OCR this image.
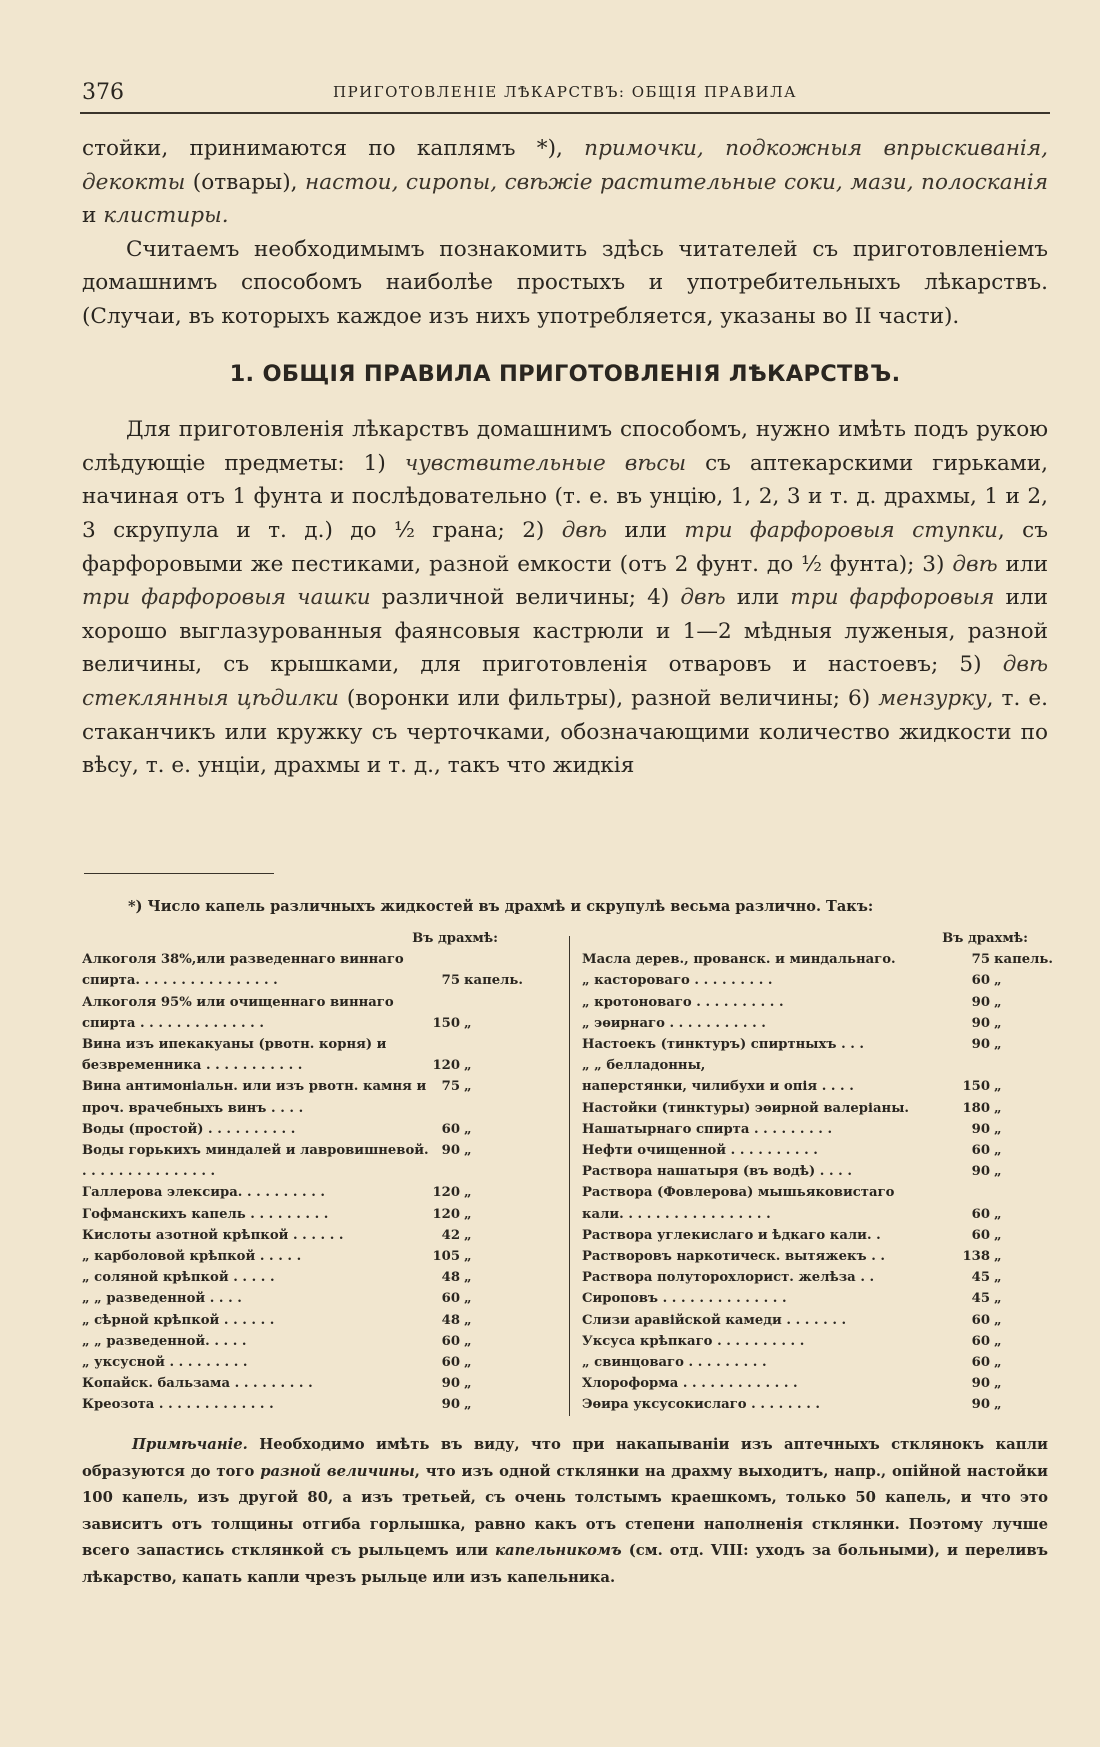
376	ПРИГОТОВЛЕНІЕ ЛѢКАРСТВЪ: ОБЩІЯ ПРАВИЛА

стойки, принимаются по каплямъ *), примочки, подкожныя впрыскиванія, декокты (отвары), настои, сиропы, свѣжіе растительные соки, мази, полосканія и клистиры.

Считаемъ необходимымъ познакомить здѣсь читателей съ приготовленіемъ домашнимъ способомъ наиболѣе простыхъ и употребительныхъ лѣкарствъ. (Случаи, въ которыхъ каждое изъ нихъ употребляется, указаны во II части).

1. ОБЩІЯ ПРАВИЛА ПРИГОТОВЛЕНІЯ ЛѢКАРСТВЪ.

Для приготовленія лѣкарствъ домашнимъ способомъ, нужно имѣть подъ рукою слѣдующіе предметы: 1) чувствительные вѣсы съ аптекарскими гирьками, начиная отъ 1 фунта и послѣдовательно (т. е. въ унцію, 1, 2, 3 и т. д. драхмы, 1 и 2, 3 скрупула и т. д.) до ½ грана; 2) двѣ или три фарфоровыя ступки, съ фарфоровыми же пестиками, разной емкости (отъ 2 фунт. до ½ фунта); 3) двѣ или три фарфоровыя чашки различной величины; 4) двѣ или три фарфоровыя или хорошо выглазурованныя фаянсовыя кастрюли и 1—2 мѣдныя луженыя, разной величины, съ крышками, для приготовленія отваровъ и настоевъ; 5) двѣ стеклянныя цѣдилки (воронки или фильтры), разной величины; 6) мензурку, т. е. стаканчикъ или кружку съ черточками, обозначающими количество жидкости по вѣсу, т. е. унціи, драхмы и т. д., такъ что жидкія

*) Число капель различныхъ жидкостей въ драхмѣ и скрупулѣ весьма различно. Такъ:
Въ драхмѣ:
Алкоголя 38%,или разведеннаго виннаго
спирта. . . . . . . . . . . . . . . .	75 капель.
Алкоголя 95% или очищеннаго виннаго
спирта . . . . . . . . . . . . . .	150 „
Вина изъ ипекакуаны (рвотн. корня) и
безвременника . . . . . . . . . . .	120 „
Вина антимоніальн. или изъ рвотн. камня и проч. врачебныхъ винъ . . . .
75 „
Воды (простой) . . . . . . . . . .	60 „
Воды горькихъ миндалей и лавровишневой. . . . . . . . . . . . . . . .
90 „
Галлерова элексира. . . . . . . . . .	120 „
Гофманскихъ капель . . . . . . . . .	120 „
Кислоты азотной крѣпкой . . . . . .	42 „
„ карболовой крѣпкой . . . . .	105 „
„ соляной крѣпкой . . . . .	48 „
„ „ разведенной . . . .	60 „
„ сѣрной крѣпкой . . . . . .	48 „
„ „ разведенной. . . . .	60 „
„ уксусной . . . . . . . . .	60 „
Копайск. бальзама . . . . . . . . .	90 „
Креозота . . . . . . . . . . . . .	90 „
Въ драхмѣ:
Масла дерев., прованск. и миндальнаго.	75 капель.
„ касторовaго . . . . . . . . .	60 „
„ кротоноваго . . . . . . . . . .	90 „
„ эѳирнаго . . . . . . . . . . .	90 „
Настоекъ (тинктуръ) спиртныхъ . . .	90 „
„ „ белладонны,
наперстянки, чилибухи и опія . . . .	150 „
Настойки (тинктуры) эѳирной валеріаны.	180 „
Нашатырнаго спирта . . . . . . . . .	90 „
Нефти очищенной . . . . . . . . . .	60 „
Раствора нашатыря (въ водѣ) . . . .	90 „
Раствора (Фовлерова) мышьяковистаго
кали. . . . . . . . . . . . . . . . .	60 „
Раствора углекислаго и ѣдкаго кали. .	60 „
Растворовъ наркотическ. вытяжекъ . .	138 „
Раствора полуторохлорист. желѣза . .	45 „
Сироповъ . . . . . . . . . . . . . .	45 „
Слизи аравійской камеди . . . . . . .	60 „
Уксуса крѣпкаго . . . . . . . . . .	60 „
„ свинцоваго . . . . . . . . .	60 „
Хлороформа . . . . . . . . . . . . .	90 „
Эѳира уксусокислаго . . . . . . . .	90 „
Примѣчаніе. Необходимо имѣть въ виду, что при накапываніи изъ аптечныхъ стклянокъ капли образуются до того разной величины, что изъ одной стклянки на драхму выходитъ, напр., опійной настойки 100 капель, изъ другой 80, а изъ третьей, съ очень толстымъ краешкомъ, только 50 капель, и что это зависитъ отъ толщины отгиба горлышка, равно какъ отъ степени наполненія стклянки. Поэтому лучше всего запастись стклянкой съ рыльцемъ или капельникомъ (см. отд. VIII: уходъ за больными), и переливъ лѣкарство, капать капли чрезъ рыльце или изъ капельника.
